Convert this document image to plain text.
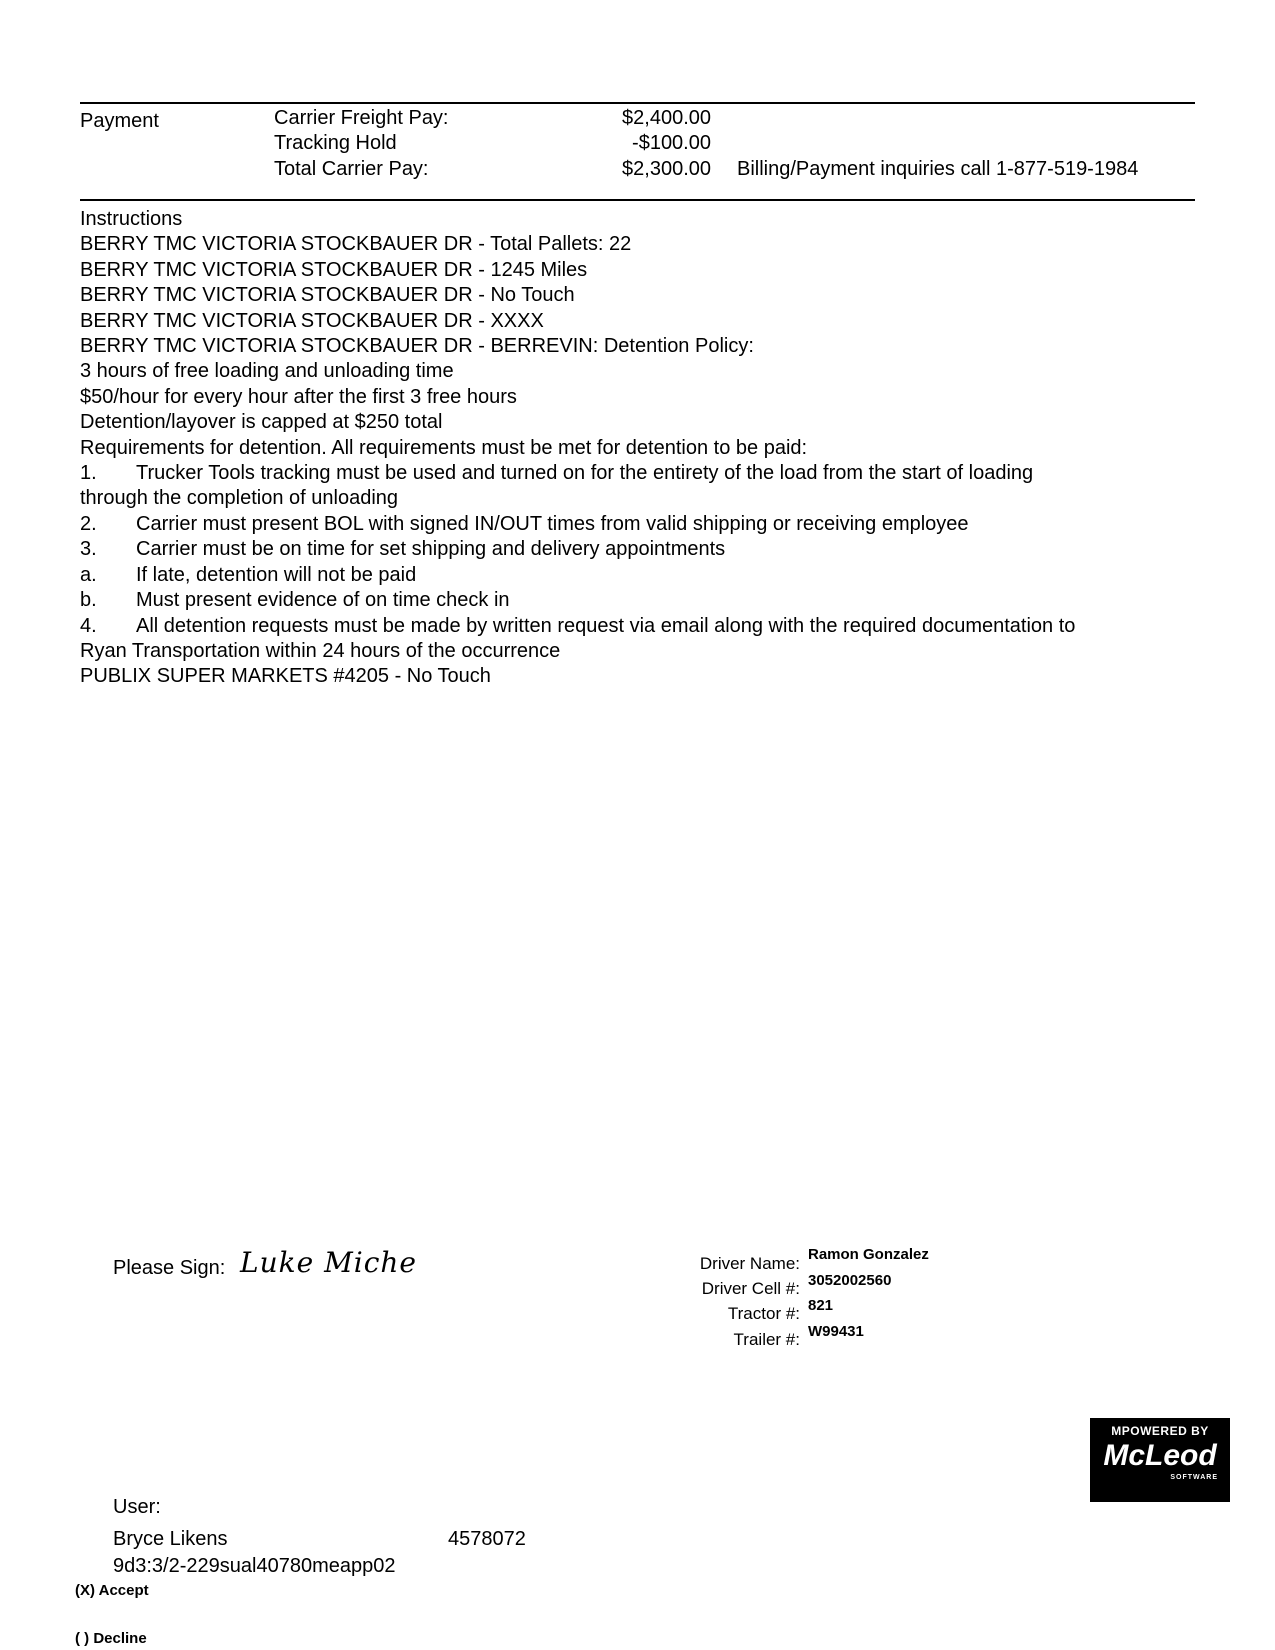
Payment	Carrier Freight Pay:	$2,400.00
Tracking Hold	-$100.00
Total Carrier Pay:	$2,300.00 Billing/Payment inquiries call 1-877-519-1984
Instructions
BERRY TMC VICTORIA STOCKBAUER DR - Total Pallets: 22
BERRY TMC VICTORIA STOCKBAUER DR - 1245 Miles
BERRY TMC VICTORIA STOCKBAUER DR - No Touch
BERRY TMC VICTORIA STOCKBAUER DR - XXXX
BERRY TMC VICTORIA STOCKBAUER DR - BERREVIN: Detention Policy:
3 hours of free loading and unloading time
$50/hour for every hour after the first 3 free hours
Detention/layover is capped at $250 total
Requirements for detention. All requirements must be met for detention to be paid:
1. Trucker Tools tracking must be used and turned on for the entirety of the load from the start of loading
through the completion of unloading
2. Carrier must present BOL with signed IN/OUT times from valid shipping or receiving employee
3. Carrier must be on time for set shipping and delivery appointments
a. If late, detention will not be paid
b. Must present evidence of on time check in
4. All detention requests must be made by written request via email along with the required documentation to
Ryan Transportation within 24 hours of the occurrence
PUBLIX SUPER MARKETS #4205 - No Touch
Please Sign: Luke Miche	Driver Name: Ramon Gonzalez
Driver Cell #: 3052002560
Tractor #: 821
Trailer #: W99431
MPOWERED BY
McLeod
SOFTWARE
User:
Bryce Likens	4578072
9d3:3/2-229sual40780meapp02
(X) Accept
( ) Decline
